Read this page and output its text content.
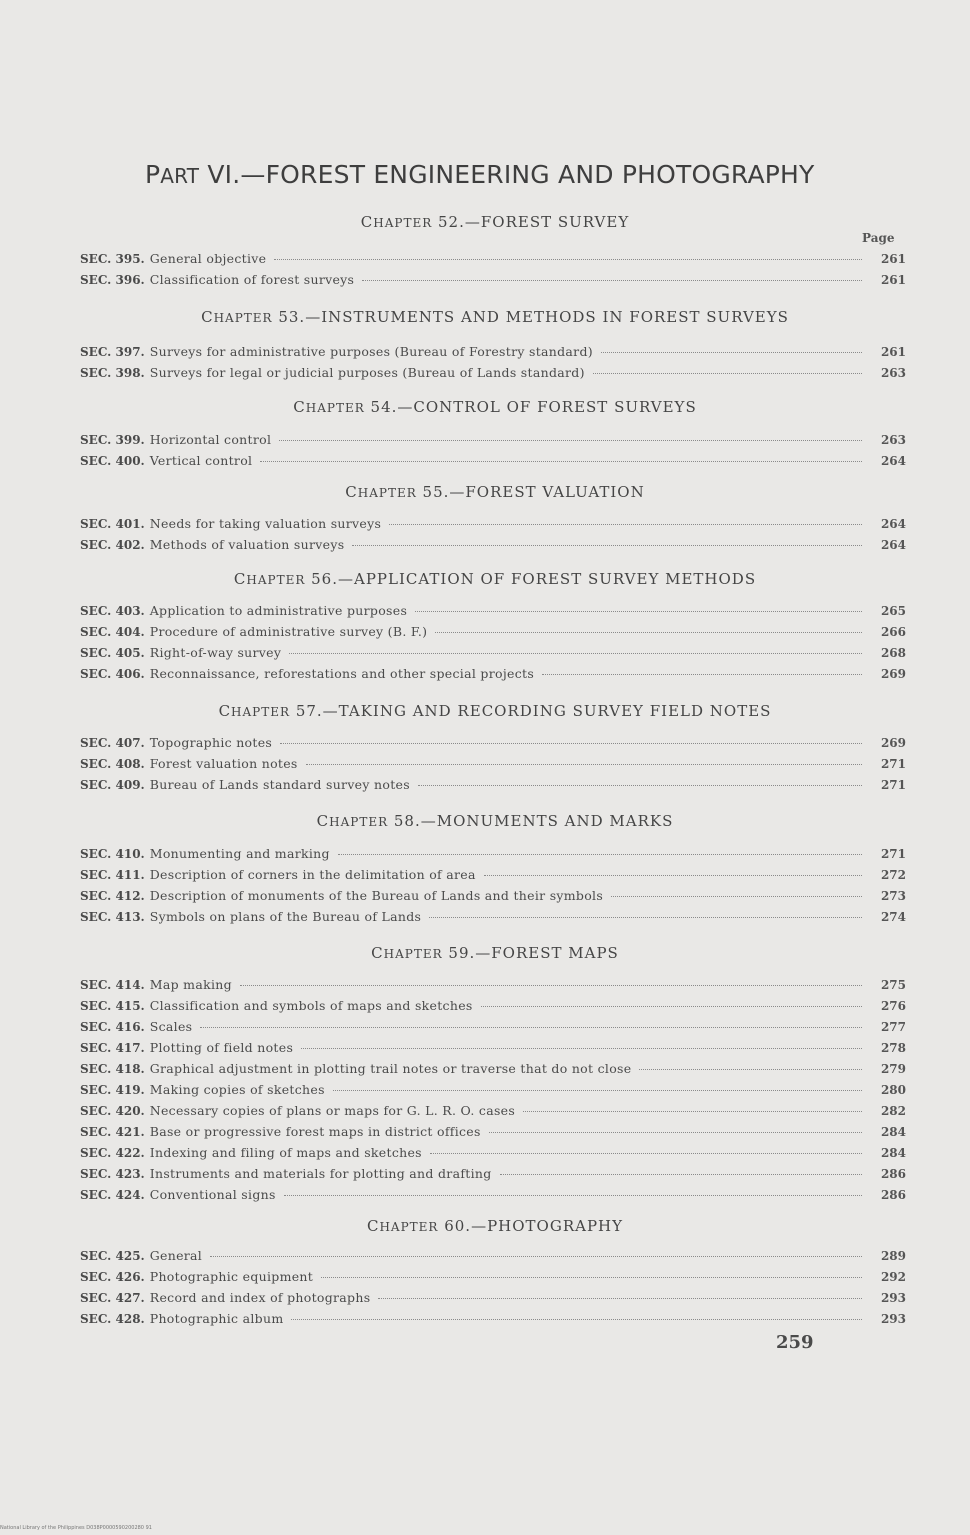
PART VI.—FOREST ENGINEERING AND PHOTOGRAPHY
Page
CHAPTER 52.—FOREST SURVEY
SEC. 395. General objective	261
SEC. 396. Classification of forest surveys	261
CHAPTER 53.—INSTRUMENTS AND METHODS IN FOREST SURVEYS
SEC. 397. Surveys for administrative purposes (Bureau of Forestry standard)	261
SEC. 398. Surveys for legal or judicial purposes (Bureau of Lands standard)	263
CHAPTER 54.—CONTROL OF FOREST SURVEYS
SEC. 399. Horizontal control	263
SEC. 400. Vertical control	264
CHAPTER 55.—FOREST VALUATION
SEC. 401. Needs for taking valuation surveys	264
SEC. 402. Methods of valuation surveys	264
CHAPTER 56.—APPLICATION OF FOREST SURVEY METHODS
SEC. 403. Application to administrative purposes	265
SEC. 404. Procedure of administrative survey (B. F.)	266
SEC. 405. Right-of-way survey	268
SEC. 406. Reconnaissance, reforestations and other special projects	269
CHAPTER 57.—TAKING AND RECORDING SURVEY FIELD NOTES
SEC. 407. Topographic notes	269
SEC. 408. Forest valuation notes	271
SEC. 409. Bureau of Lands standard survey notes	271
CHAPTER 58.—MONUMENTS AND MARKS
SEC. 410. Monumenting and marking	271
SEC. 411. Description of corners in the delimitation of area	272
SEC. 412. Description of monuments of the Bureau of Lands and their symbols	273
SEC. 413. Symbols on plans of the Bureau of Lands	274
CHAPTER 59.—FOREST MAPS
SEC. 414. Map making	275
SEC. 415. Classification and symbols of maps and sketches	276
SEC. 416. Scales	277
SEC. 417. Plotting of field notes	278
SEC. 418. Graphical adjustment in plotting trail notes or traverse that do not close	279
SEC. 419. Making copies of sketches	280
SEC. 420. Necessary copies of plans or maps for G. L. R. O. cases	282
SEC. 421. Base or progressive forest maps in district offices	284
SEC. 422. Indexing and filing of maps and sketches	284
SEC. 423. Instruments and materials for plotting and drafting	286
SEC. 424. Conventional signs	286
CHAPTER 60.—PHOTOGRAPHY
SEC. 425. General	289
SEC. 426. Photographic equipment	292
SEC. 427. Record and index of photographs	293
SEC. 428. Photographic album	293
259
National Library of the Philippines D038P0000590200280 91
